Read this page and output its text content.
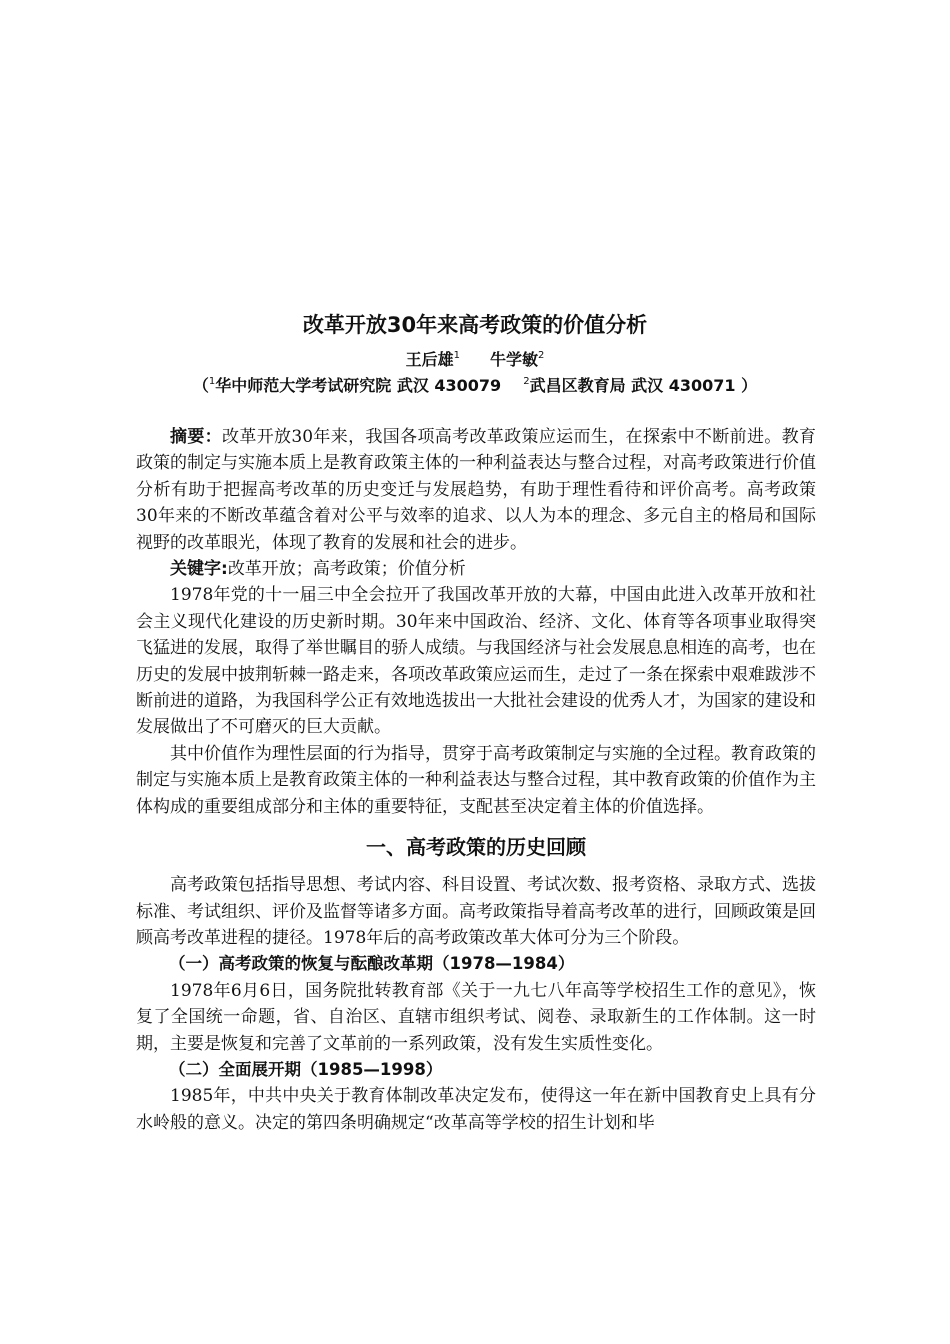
改革开放30年来高考政策的价值分析
王后雄$^1$ 牛学敏$^2$
（$^1$华中师范大学考试研究院 武汉 430079 $^2$武昌区教育局 武汉 430071 ）

摘要：改革开放30年来，我国各项高考改革政策应运而生，在探索中不断前进。教育政策的制定与实施本质上是教育政策主体的一种利益表达与整合过程，对高考政策进行价值分析有助于把握高考改革的历史变迁与发展趋势，有助于理性看待和评价高考。高考政策30年来的不断改革蕴含着对公平与效率的追求、以人为本的理念、多元自主的格局和国际视野的改革眼光，体现了教育的发展和社会的进步。

关键字:改革开放；高考政策；价值分析

1978年党的十一届三中全会拉开了我国改革开放的大幕，中国由此进入改革开放和社会主义现代化建设的历史新时期。30年来中国政治、经济、文化、体育等各项事业取得突飞猛进的发展，取得了举世瞩目的骄人成绩。与我国经济与社会发展息息相连的高考，也在历史的发展中披荆斩棘一路走来，各项改革政策应运而生，走过了一条在探索中艰难跋涉不断前进的道路，为我国科学公正有效地选拔出一大批社会建设的优秀人才，为国家的建设和发展做出了不可磨灭的巨大贡献。

其中价值作为理性层面的行为指导，贯穿于高考政策制定与实施的全过程。教育政策的制定与实施本质上是教育政策主体的一种利益表达与整合过程，其中教育政策的价值作为主体构成的重要组成部分和主体的重要特征，支配甚至决定着主体的价值选择。

一、高考政策的历史回顾

高考政策包括指导思想、考试内容、科目设置、考试次数、报考资格、录取方式、选拔标准、考试组织、评价及监督等诸多方面。高考政策指导着高考改革的进行，回顾政策是回顾高考改革进程的捷径。1978年后的高考政策改革大体可分为三个阶段。

（一）高考政策的恢复与酝酿改革期（1978—1984）

1978年6月6日，国务院批转教育部《关于一九七八年高等学校招生工作的意见》，恢复了全国统一命题，省、自治区、直辖市组织考试、阅卷、录取新生的工作体制。这一时期，主要是恢复和完善了文革前的一系列政策，没有发生实质性变化。

（二）全面展开期（1985—1998）

1985年，中共中央关于教育体制改革决定发布，使得这一年在新中国教育史上具有分水岭般的意义。决定的第四条明确规定“改革高等学校的招生计划和毕
